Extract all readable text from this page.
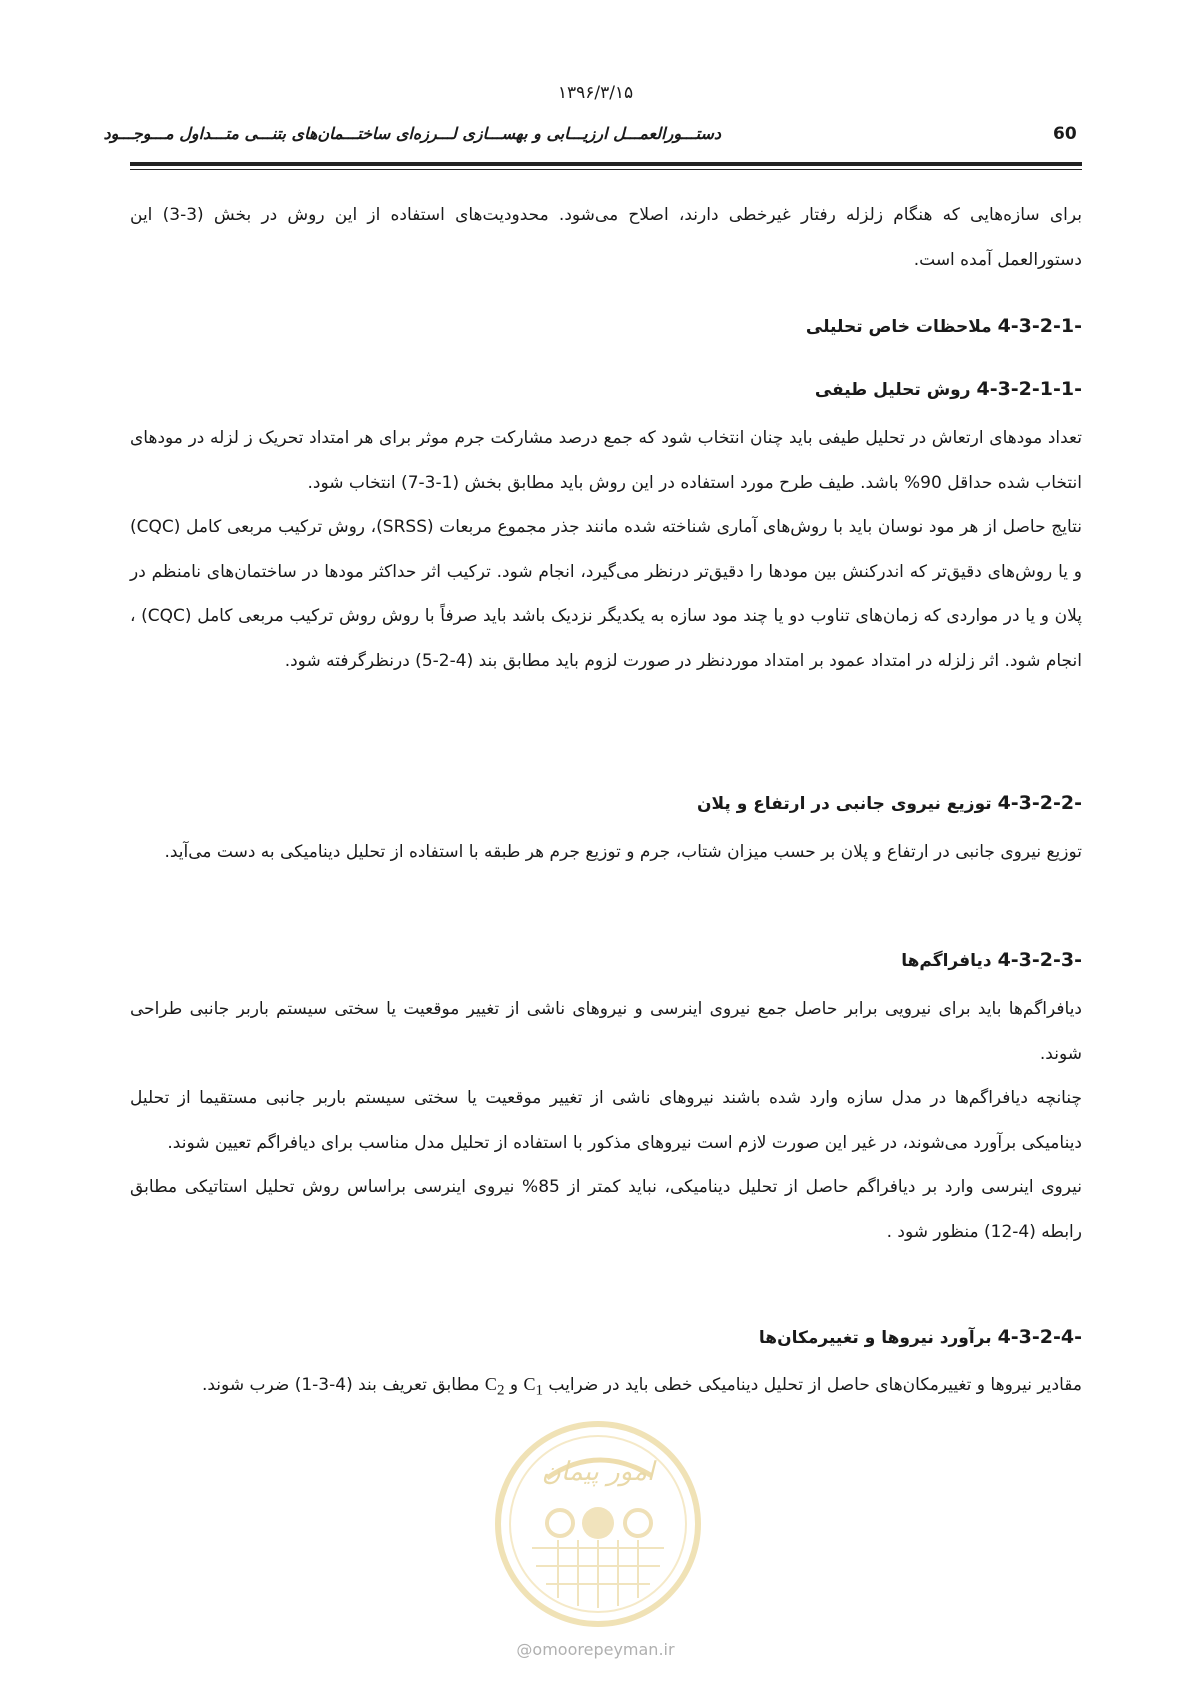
۱۳۹۶/۳/۱۵
دستـــورالعمـــل ارزیـــابی و بهســـازی لـــرزه‌ای ساختـــمان‌های بتنـــی متـــداول مـــوجـــود	60

برای سازه‌هایی که هنگام زلزله رفتار غیرخطی دارند، اصلاح می‌شود. محدودیت‌های استفاده از این روش در بخش (3-3) این دستورالعمل آمده است.

4-3-2-1- ملاحظات خاص تحلیلی
4-3-2-1-1- روش تحلیل طیفی

تعداد مودهای ارتعاش در تحلیل طیفی باید چنان انتخاب شود که جمع درصد مشارکت جرم موثر برای هر امتداد تحریک ز لزله در مودهای انتخاب شده حداقل 90% باشد. طیف طرح مورد استفاده در این روش باید مطابق بخش (1-3-7) انتخاب شود.

نتایج حاصل از هر مود نوسان باید با روش‌های آماری شناخته شده مانند جذر مجموع مربعات (SRSS)، روش ترکیب مربعی کامل (CQC) و یا روش‌های دقیق‌تر که اندرکنش بین مودها را دقیق‌تر درنظر می‌گیرد، انجام شود. ترکیب اثر حداکثر مودها در ساختمان‌های نامنظم در پلان و یا در مواردی که زمان‌های تناوب دو یا چند مود سازه به یکدیگر نزدیک باشد باید صرفاً با روش روش ترکیب مربعی کامل (CQC) ، انجام شود. اثر زلزله در امتداد عمود بر امتداد موردنظر در صورت لزوم باید مطابق بند (4-2-5) درنظرگرفته شود.

4-3-2-2- توزیع نیروی جانبی در ارتفاع و پلان

توزیع نیروی جانبی در ارتفاع و پلان بر حسب میزان شتاب، جرم و توزیع جرم هر طبقه با استفاده از تحلیل دینامیکی به دست می‌آید.

4-3-2-3- دیافراگم‌ها

دیافراگم‌ها باید برای نیرویی برابر حاصل جمع نیروی اینرسی و نیروهای ناشی از تغییر موقعیت یا سختی سیستم باربر جانبی طراحی شوند.

چنانچه دیافراگم‌ها در مدل سازه وارد شده باشند نیروهای ناشی از تغییر موقعیت یا سختی سیستم باربر جانبی مستقیما از تحلیل دینامیکی برآورد می‌شوند، در غیر این صورت لازم است نیروهای مذکور با استفاده از تحلیل مدل مناسب برای دیافراگم تعیین شوند.

نیروی اینرسی وارد بر دیافراگم حاصل از تحلیل دینامیکی، نباید کمتر از 85% نیروی اینرسی براساس روش تحلیل استاتیکی مطابق رابطه (4-12) منظور شود .

4-3-2-4- برآورد نیروها و تغییرمکان‌ها

مقادیر نیروها و تغییرمکان‌های حاصل از تحلیل دینامیکی خطی باید در ضرایب $C_1$ و $C_2$ مطابق تعریف بند (4-3-1) ضرب شوند.

امور پیمان
@omoorepeyman.ir
